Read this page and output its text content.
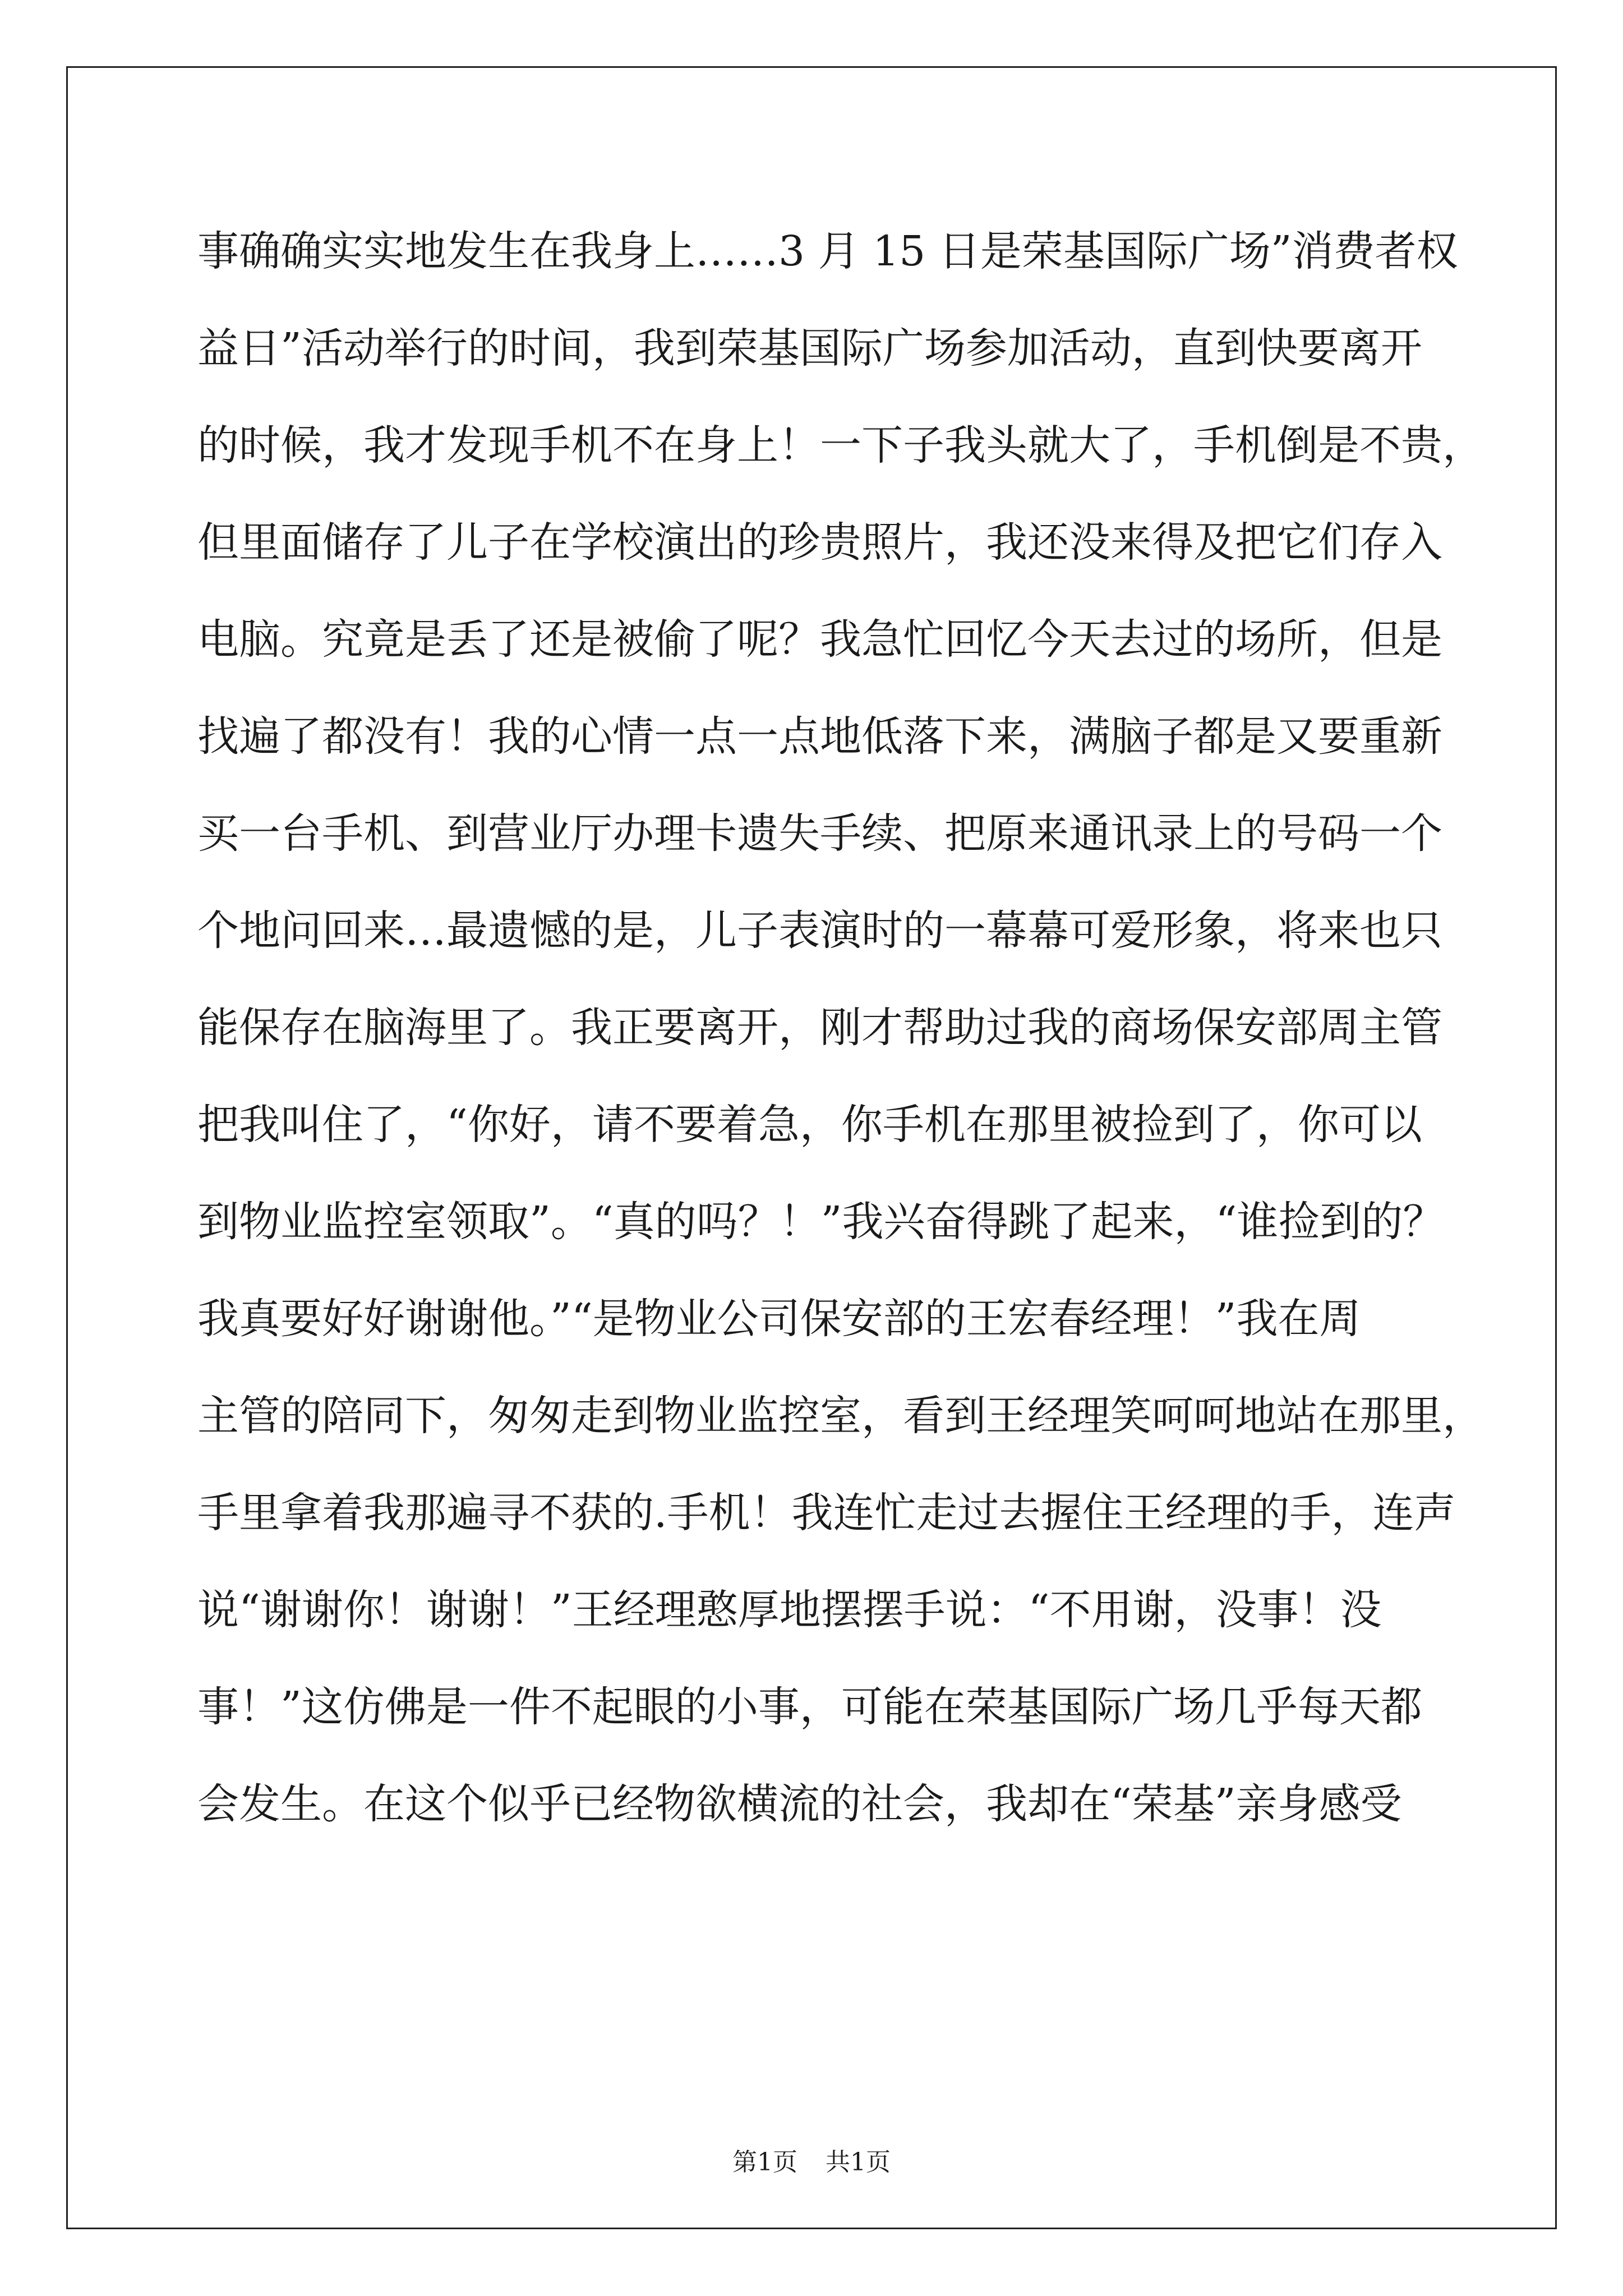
事确确实实地发生在我身上……3 月 15 日是荣基国际广场”消费者权
益日”活动举行的时间，我到荣基国际广场参加活动，直到快要离开
的时候，我才发现手机不在身上！一下子我头就大了，手机倒是不贵，
但里面储存了儿子在学校演出的珍贵照片，我还没来得及把它们存入
电脑。究竟是丢了还是被偷了呢？我急忙回忆今天去过的场所，但是
找遍了都没有！我的心情一点一点地低落下来，满脑子都是又要重新
买一台手机、到营业厅办理卡遗失手续、把原来通讯录上的号码一个
个地问回来…最遗憾的是，儿子表演时的一幕幕可爱形象，将来也只
能保存在脑海里了。我正要离开，刚才帮助过我的商场保安部周主管
把我叫住了，“你好，请不要着急，你手机在那里被捡到了，你可以
到物业监控室领取”。“真的吗？！”我兴奋得跳了起来，“谁捡到的？
我真要好好谢谢他。”“是物业公司保安部的王宏春经理！”我在周
主管的陪同下，匆匆走到物业监控室，看到王经理笑呵呵地站在那里，
手里拿着我那遍寻不获的.手机！我连忙走过去握住王经理的手，连声
说“谢谢你！谢谢！”王经理憨厚地摆摆手说：“不用谢，没事！没
事！”这仿佛是一件不起眼的小事，可能在荣基国际广场几乎每天都
会发生。在这个似乎已经物欲横流的社会，我却在“荣基”亲身感受
第1页 共1页
